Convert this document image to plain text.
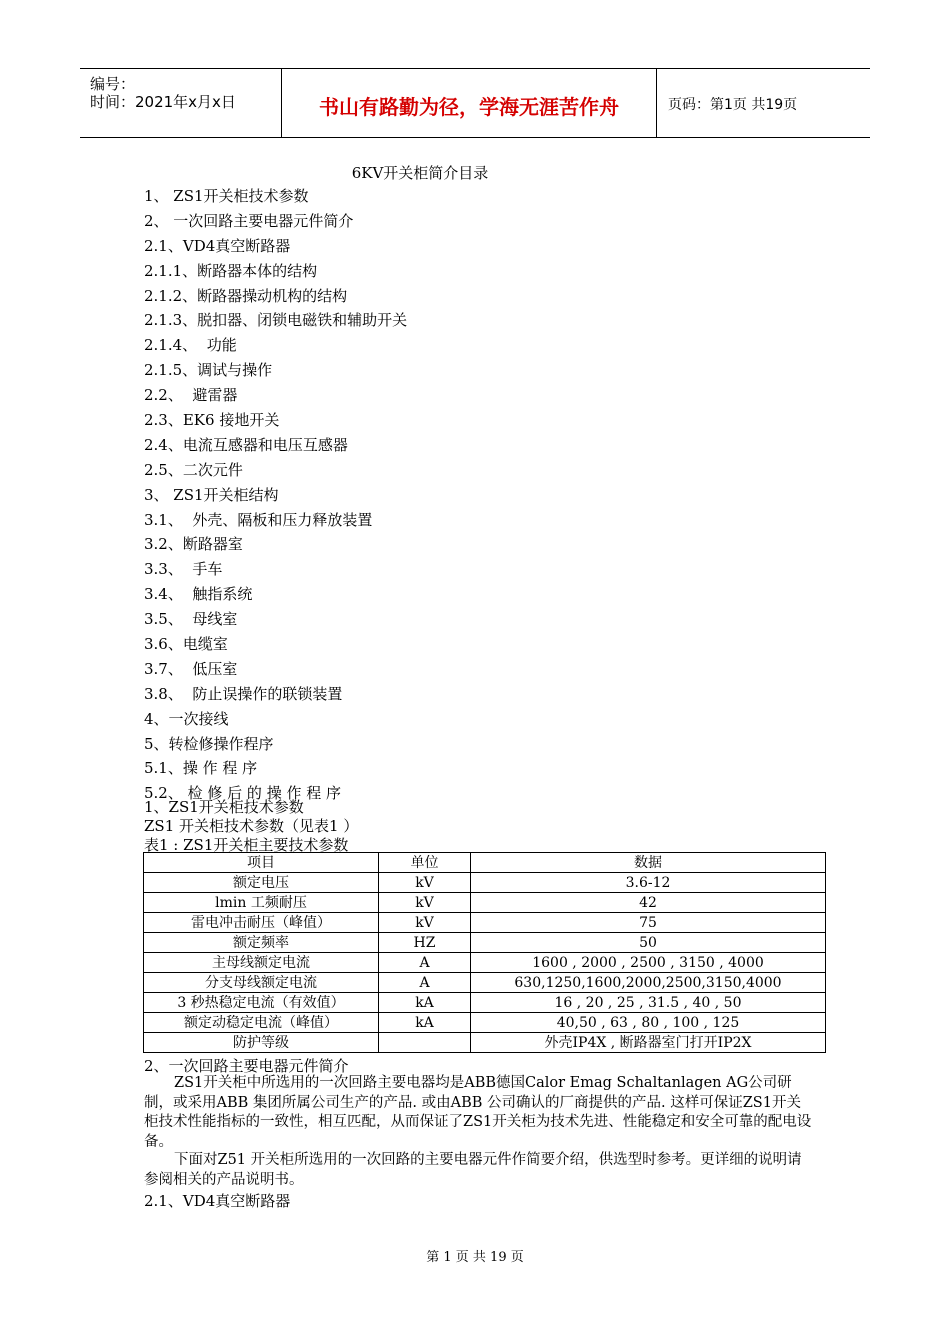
编号：
时间：2021年x月x日	书山有路勤为径，学海无涯苦作舟	页码：第1页 共19页
6KV开关柜简介目录
1、 ZS1开关柜技术参数
2、 一次回路主要电器元件简介
2.1、VD4真空断路器
2.1.1、断路器本体的结构
2.1.2、断路器操动机构的结构
2.1.3、脱扣器、闭锁电磁铁和辅助开关
2.1.4、  功能
2.1.5、调试与操作
2.2、  避雷器
2.3、EK6 接地开关
2.4、电流互感器和电压互感器
2.5、二次元件
3、 ZS1开关柜结构
3.1、  外壳、隔板和压力释放装置
3.2、断路器室
3.3、  手车
3.4、  触指系统
3.5、  母线室
3.6、电缆室
3.7、  低压室
3.8、  防止误操作的联锁装置
4、一次接线
5、转检修操作程序
5.1、操 作 程 序
5.2、 检 修 后 的 操 作 程 序
1、ZS1开关柜技术参数
ZS1 开关柜技术参数（见表1 ）
表1 : ZS1开关柜主要技术参数
项目	单位	数据
额定电压	kV	3.6-12
lmin 工频耐压	kV	42
雷电冲击耐压（峰值）	kV	75
额定频率	HZ	50
主母线额定电流	A	1600 , 2000 , 2500 , 3150 , 4000
分支母线额定电流	A	630,1250,1600,2000,2500,3150,4000
3 秒热稳定电流（有效值）	kA	16 , 20 , 25 , 31.5 , 40 , 50
额定动稳定电流（峰值）	kA	40,50 , 63 , 80 , 100 , 125
防护等级		外壳IP4X , 断路器室门打开IP2X
2、一次回路主要电器元件简介
ZS1开关柜中所选用的一次回路主要电器均是ABB德国Calor Emag Schaltanlagen AG公司研制，或采用ABB 集团所属公司生产的产品. 或由ABB 公司确认的厂商提供的产品. 这样可保证ZS1开关柜技术性能指标的一致性，相互匹配，从而保证了ZS1开关柜为技术先进、性能稳定和安全可靠的配电设备。
下面对Z51 开关柜所选用的一次回路的主要电器元件作简要介绍，供选型时参考。更详细的说明请参阅相关的产品说明书。
2.1、VD4真空断路器
第 1 页 共 19 页
